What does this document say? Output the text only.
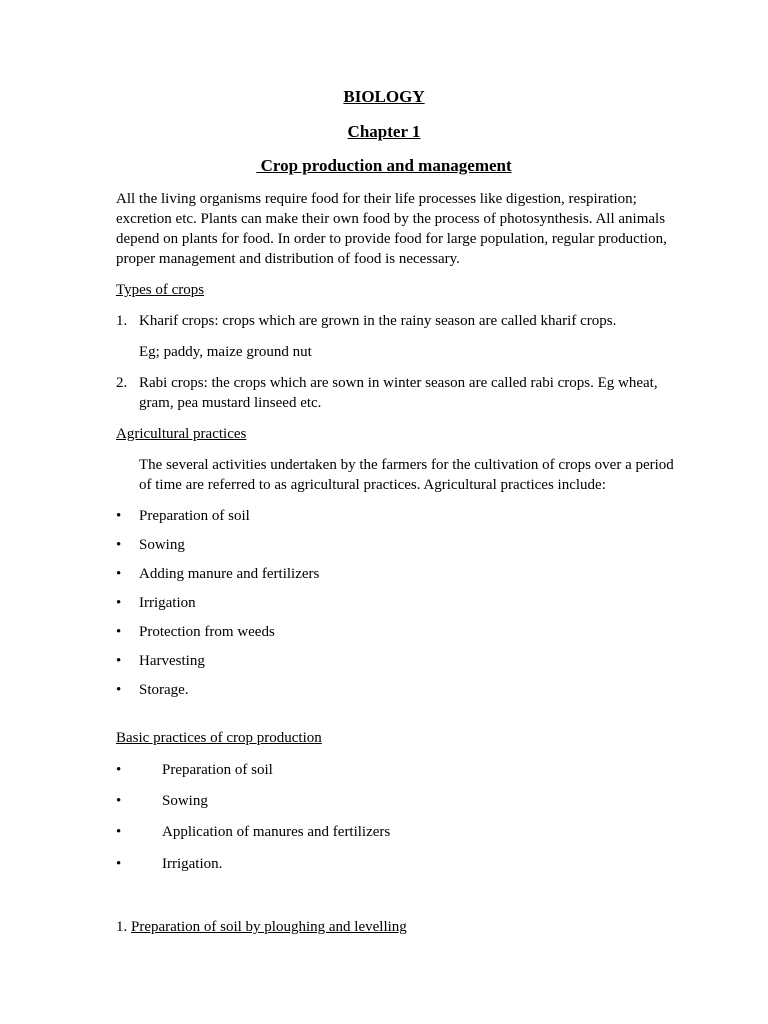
BIOLOGY
Chapter 1
Crop production and management
All the living organisms require food for their life processes like digestion, respiration; excretion etc. Plants can make their own food by the process of photosynthesis. All animals depend on plants for food. In order to provide food for large population, regular production, proper management and distribution of food is necessary.
Types of crops
1. Kharif crops: crops which are grown in the rainy season are called kharif crops.
Eg; paddy, maize ground nut
2. Rabi crops: the crops which are sown in winter season are called rabi crops. Eg wheat, gram, pea mustard linseed etc.
Agricultural practices
The several activities undertaken by the farmers for the cultivation of crops over a period of time are referred to as agricultural practices. Agricultural practices include:
• Preparation of soil
• Sowing
• Adding manure and fertilizers
• Irrigation
• Protection from weeds
• Harvesting
• Storage.
Basic practices of crop production
•	Preparation of soil
•	Sowing
•	Application of manures and fertilizers
•	Irrigation.
1. Preparation of soil by ploughing and levelling
